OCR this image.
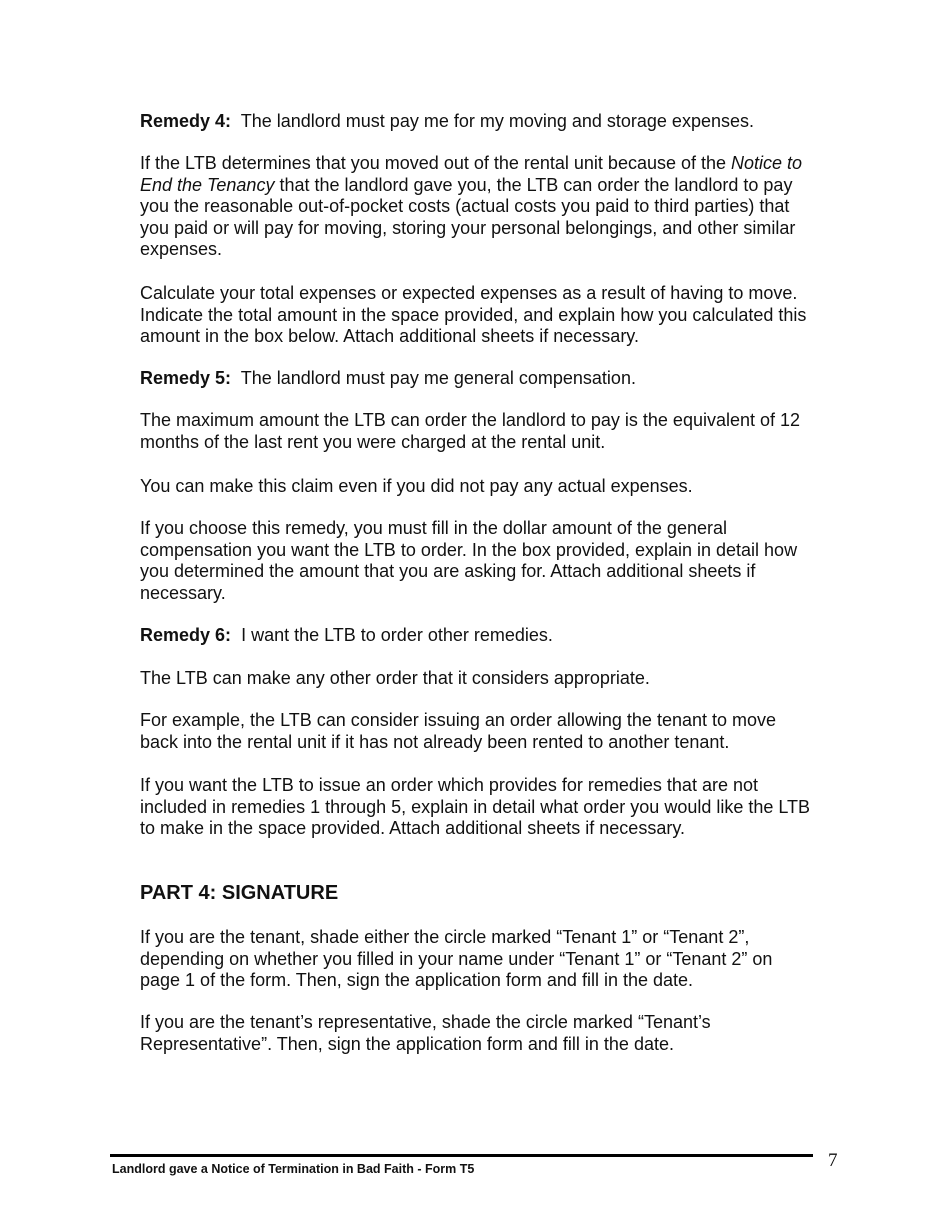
Remedy 4: The landlord must pay me for my moving and storage expenses.
If the LTB determines that you moved out of the rental unit because of the Notice to
End the Tenancy that the landlord gave you, the LTB can order the landlord to pay
you the reasonable out-of-pocket costs (actual costs you paid to third parties) that
you paid or will pay for moving, storing your personal belongings, and other similar
expenses.
Calculate your total expenses or expected expenses as a result of having to move.
Indicate the total amount in the space provided, and explain how you calculated this
amount in the box below. Attach additional sheets if necessary.
Remedy 5: The landlord must pay me general compensation.
The maximum amount the LTB can order the landlord to pay is the equivalent of 12
months of the last rent you were charged at the rental unit.
You can make this claim even if you did not pay any actual expenses.
If you choose this remedy, you must fill in the dollar amount of the general
compensation you want the LTB to order. In the box provided, explain in detail how
you determined the amount that you are asking for. Attach additional sheets if
necessary.
Remedy 6: I want the LTB to order other remedies.
The LTB can make any other order that it considers appropriate.
For example, the LTB can consider issuing an order allowing the tenant to move
back into the rental unit if it has not already been rented to another tenant.
If you want the LTB to issue an order which provides for remedies that are not
included in remedies 1 through 5, explain in detail what order you would like the LTB
to make in the space provided. Attach additional sheets if necessary.
PART 4: SIGNATURE
If you are the tenant, shade either the circle marked “Tenant 1” or “Tenant 2”,
depending on whether you filled in your name under “Tenant 1” or “Tenant 2” on
page 1 of the form. Then, sign the application form and fill in the date.
If you are the tenant’s representative, shade the circle marked “Tenant’s
Representative”. Then, sign the application form and fill in the date.
Landlord gave a Notice of Termination in Bad Faith - Form T5	7
